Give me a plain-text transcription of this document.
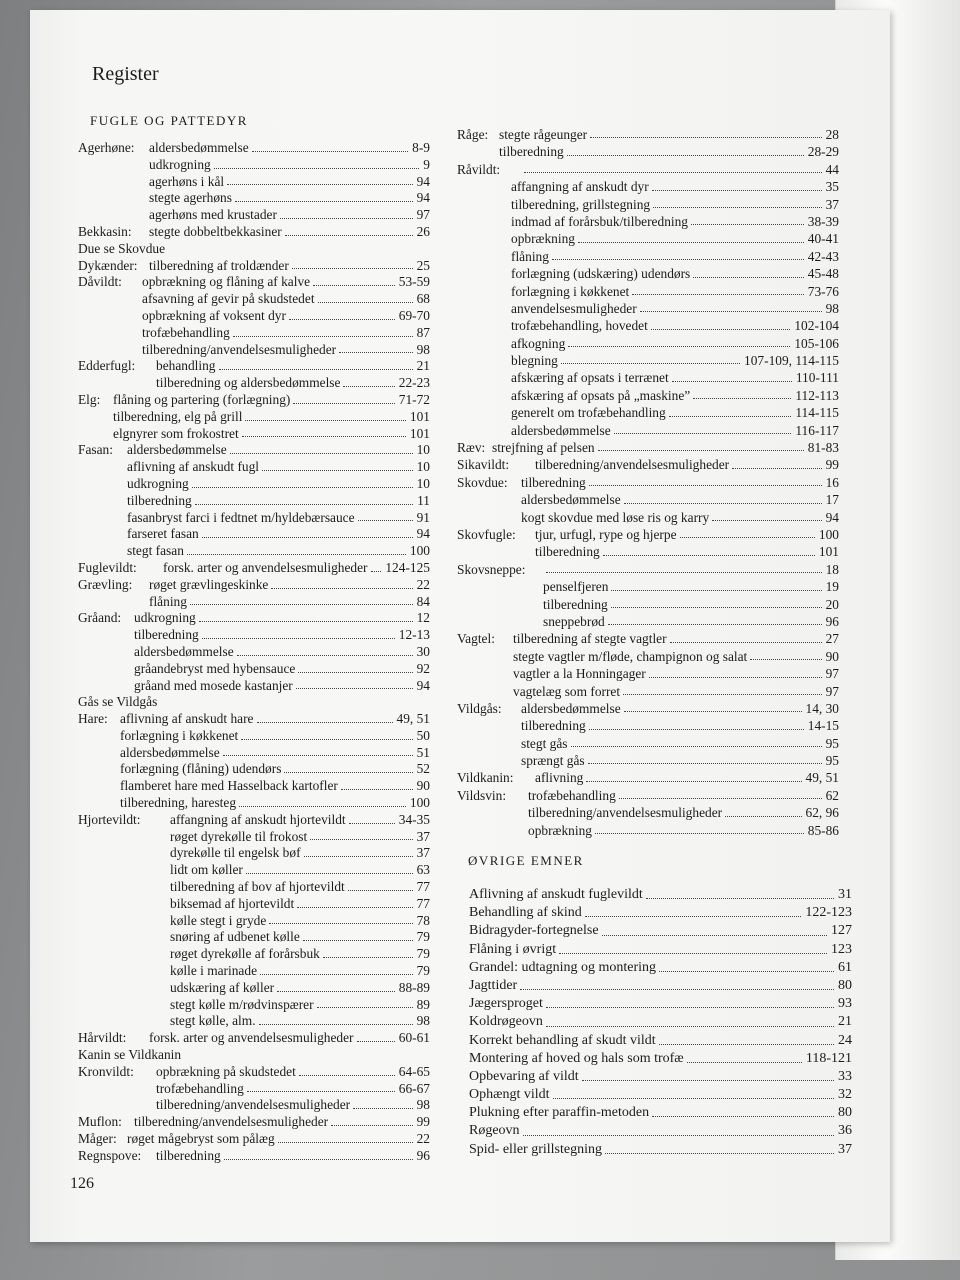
Register
FUGLE OG PATTEDYR
Agerhøne: aldersbedømmelse	8-9
udkrogning	9
agerhøns i kål	94
stegte agerhøns	94
agerhøns med krustader	97
Bekkasin: stegte dobbeltbekkasiner	26
Due se Skovdue
Dykænder: tilberedning af troldænder	25
Dåvildt: opbrækning og flåning af kalve	53-59
afsavning af gevir på skudstedet	68
opbrækning af voksent dyr	69-70
trofæbehandling	87
tilberedning/anvendelsesmuligheder	98
Edderfugl: behandling	21
tilberedning og aldersbedømmelse	22-23
Elg: flåning og partering (forlægning)	71-72
tilberedning, elg på grill	101
elgnyrer som frokostret	101
Fasan: aldersbedømmelse	10
aflivning af anskudt fugl	10
udkrogning	10
tilberedning	11
fasanbryst farci i fedtnet m/hyldebærsauce	91
farseret fasan	94
stegt fasan	100
Fuglevildt: forsk. arter og anvendelsesmuligheder 124-125
Grævling: røget grævlingeskinke	22
flåning	84
Gråand: udkrogning	12
tilberedning	12-13
aldersbedømmelse	30
gråandebryst med hybensauce	92
gråand med mosede kastanjer	94
Gås se Vildgås
Hare: aflivning af anskudt hare	49, 51
forlægning i køkkenet	50
aldersbedømmelse	51
forlægning (flåning) udendørs	52
flamberet hare med Hasselback kartofler	90
tilberedning, haresteg	100
Hjortevildt: affangning af anskudt hjortevildt	34-35
røget dyrekølle til frokost	37
dyrekølle til engelsk bøf	37
lidt om køller	63
tilberedning af bov af hjortevildt	77
biksemad af hjortevildt	77
kølle stegt i gryde	78
snøring af udbenet kølle	79
røget dyrekølle af forårsbuk	79
kølle i marinade	79
udskæring af køller	88-89
stegt kølle m/rødvinspærer	89
stegt kølle, alm.	98
Hårvildt: forsk. arter og anvendelsesmuligheder	60-61
Kanin se Vildkanin
Kronvildt: opbrækning på skudstedet	64-65
trofæbehandling	66-67
tilberedning/anvendelsesmuligheder	98
Muflon: tilberedning/anvendelsesmuligheder	99
Måger: røget mågebryst som pålæg	22
Regnspove: tilberedning	96
Råge: stegte rågeunger	28
tilberedning	28-29
Råvildt:	44
affangning af anskudt dyr	35
tilberedning, grillstegning	37
indmad af forårsbuk/tilberedning	38-39
opbrækning	40-41
flåning	42-43
forlægning (udskæring) udendørs	45-48
forlægning i køkkenet	73-76
anvendelsesmuligheder	98
trofæbehandling, hovedet	102-104
afkogning	105-106
blegning	107-109, 114-115
afskæring af opsats i terrænet	110-111
afskæring af opsats på „maskine”	112-113
generelt om trofæbehandling	114-115
aldersbedømmelse	116-117
Ræv: strejfning af pelsen	81-83
Sikavildt: tilberedning/anvendelsesmuligheder	99
Skovdue: tilberedning	16
aldersbedømmelse	17
kogt skovdue med løse ris og karry	94
Skovfugle: tjur, urfugl, rype og hjerpe	100
tilberedning	101
Skovsneppe:	18
penselfjeren	19
tilberedning	20
sneppebrød	96
Vagtel: tilberedning af stegte vagtler	27
stegte vagtler m/fløde, champignon og salat	90
vagtler a la Honningager	97
vagtelæg som forret	97
Vildgås: aldersbedømmelse	14, 30
tilberedning	14-15
stegt gås	95
sprængt gås	95
Vildkanin: aflivning	49, 51
Vildsvin: trofæbehandling	62
tilberedning/anvendelsesmuligheder	62, 96
opbrækning	85-86
ØVRIGE EMNER
Aflivning af anskudt fuglevildt	31
Behandling af skind	122-123
Bidragyder-fortegnelse	127
Flåning i øvrigt	123
Grandel: udtagning og montering	61
Jagttider	80
Jægersproget	93
Koldrøgeovn	21
Korrekt behandling af skudt vildt	24
Montering af hoved og hals som trofæ	118-121
Opbevaring af vildt	33
Ophængt vildt	32
Plukning efter paraffin-metoden	80
Røgeovn	36
Spid- eller grillstegning	37
126
